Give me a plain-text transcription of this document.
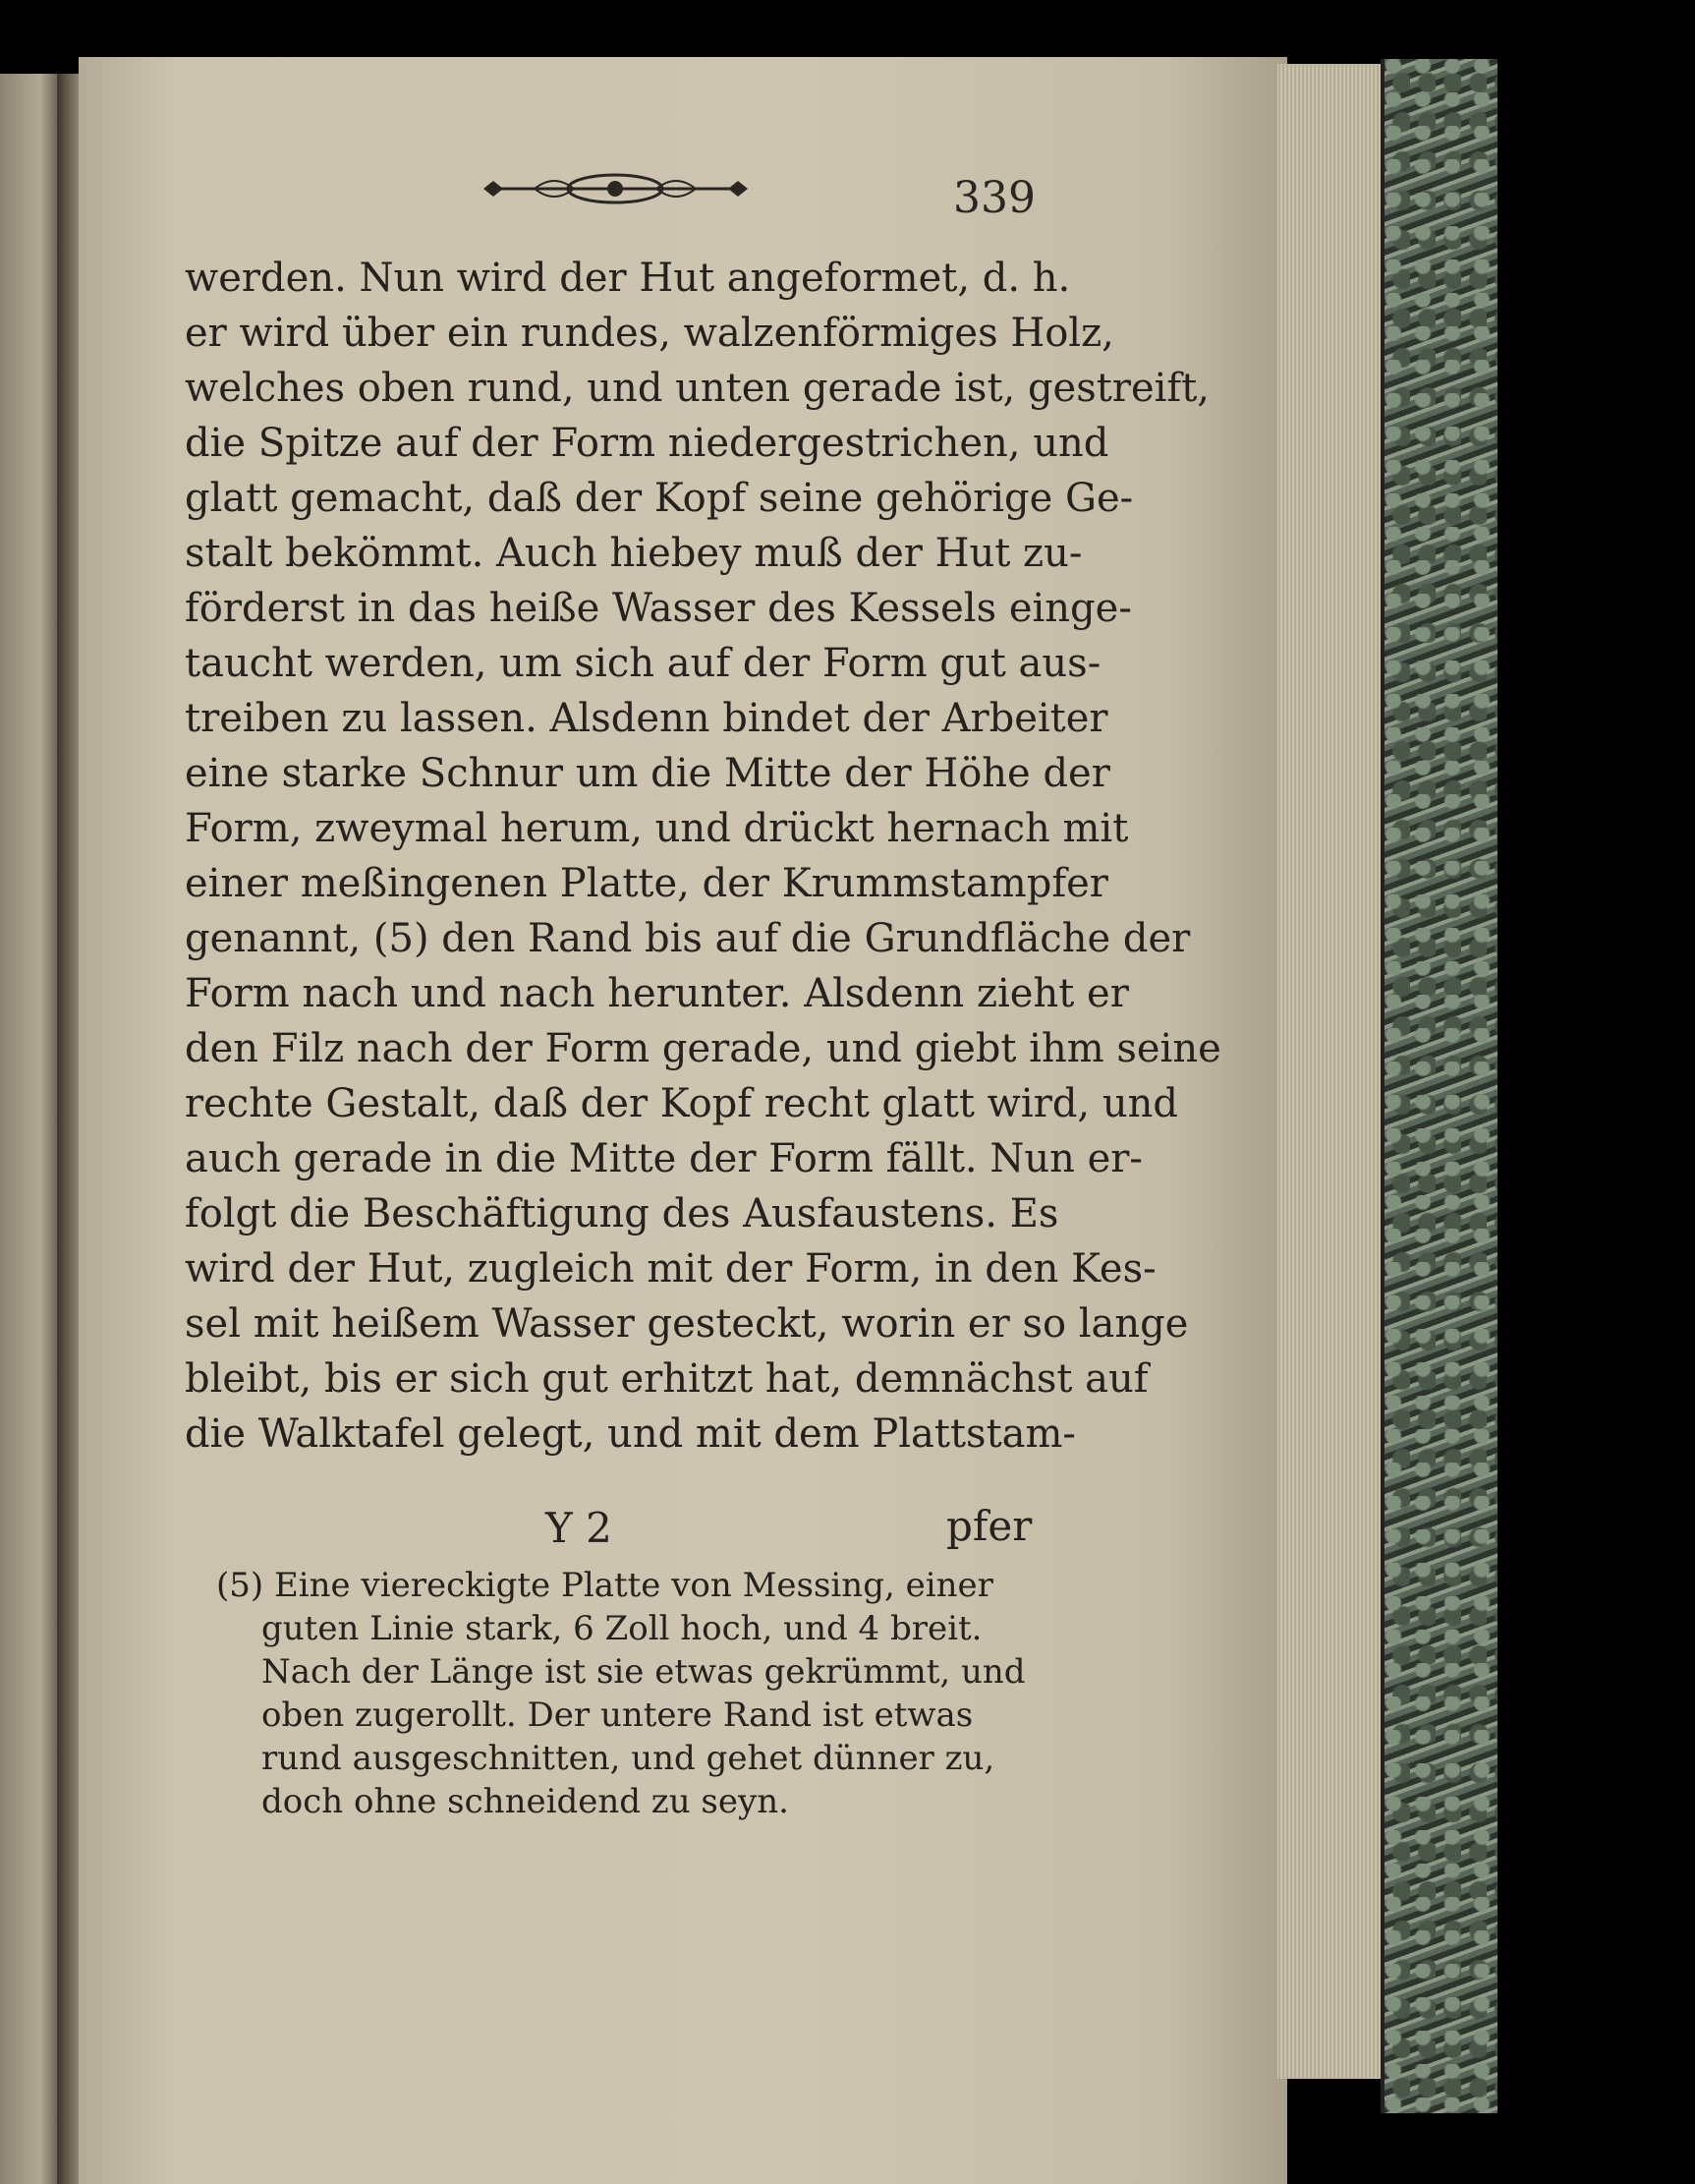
339
werden. Nun wird der Hut angeformet, d. h.
er wird über ein rundes, walzenförmiges Holz,
welches oben rund, und unten gerade ist, gestreift,
die Spitze auf der Form niedergestrichen, und
glatt gemacht, daß der Kopf seine gehörige Ge-
stalt bekömmt. Auch hiebey muß der Hut zu-
förderst in das heiße Wasser des Kessels einge-
taucht werden, um sich auf der Form gut aus-
treiben zu lassen. Alsdenn bindet der Arbeiter
eine starke Schnur um die Mitte der Höhe der
Form, zweymal herum, und drückt hernach mit
einer meßingenen Platte, der Krummstampfer
genannt, (5) den Rand bis auf die Grundfläche der
Form nach und nach herunter. Alsdenn zieht er
den Filz nach der Form gerade, und giebt ihm seine
rechte Gestalt, daß der Kopf recht glatt wird, und
auch gerade in die Mitte der Form fällt. Nun er-
folgt die Beschäftigung des Ausfaustens. Es
wird der Hut, zugleich mit der Form, in den Kes-
sel mit heißem Wasser gesteckt, worin er so lange
bleibt, bis er sich gut erhitzt hat, demnächst auf
die Walktafel gelegt, und mit dem Plattstam-
Y 2	pfer
(5) Eine viereckigte Platte von Messing, einer
guten Linie stark, 6 Zoll hoch, und 4 breit.
Nach der Länge ist sie etwas gekrümmt, und
oben zugerollt. Der untere Rand ist etwas
rund ausgeschnitten, und gehet dünner zu,
doch ohne schneidend zu seyn.
